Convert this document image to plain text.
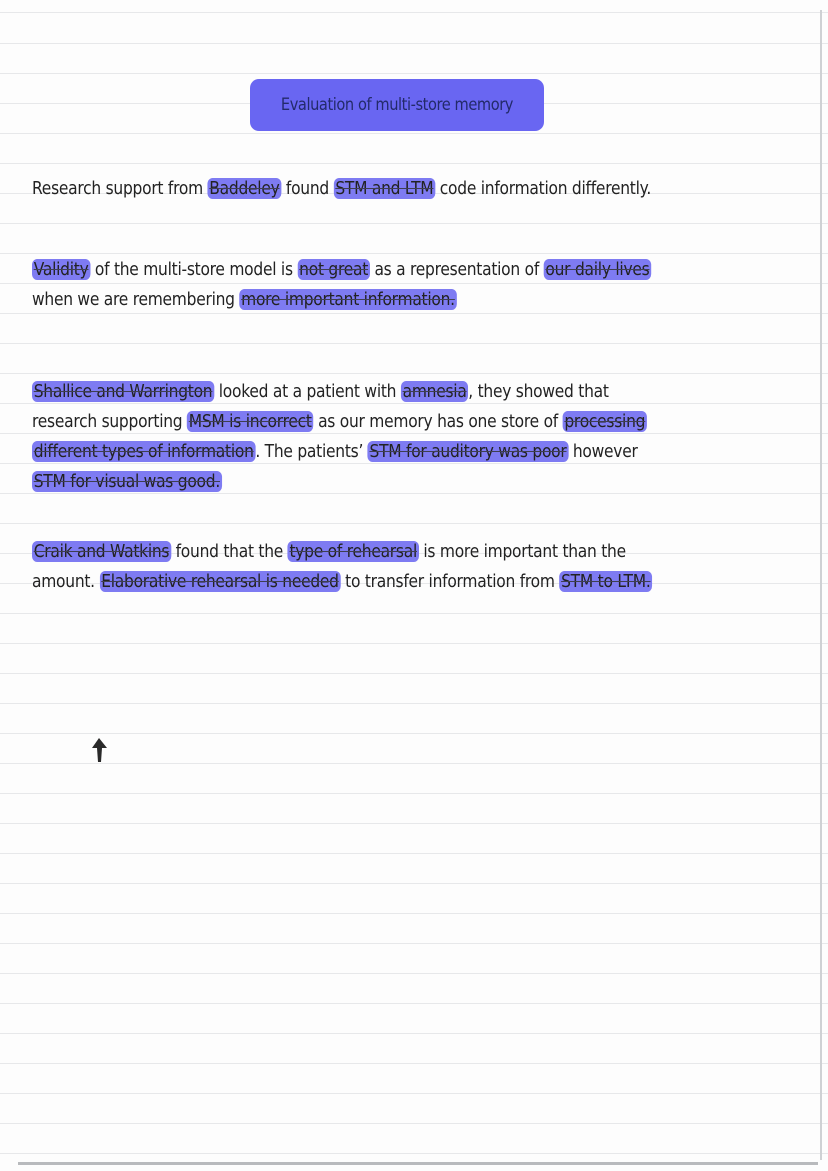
Evaluation of multi-store memory
Research support from Baddeley found STM and LTM code information differently.
Validity of the multi-store model is not great as a representation of our daily lives
when we are remembering more important information.
Shallice and Warrington looked at a patient with amnesia, they showed that
research supporting MSM is incorrect as our memory has one store of processing
different types of information. The patients’ STM for auditory was poor however
STM for visual was good.
Craik and Watkins found that the type of rehearsal is more important than the
amount. Elaborative rehearsal is needed to transfer information from STM to LTM.
